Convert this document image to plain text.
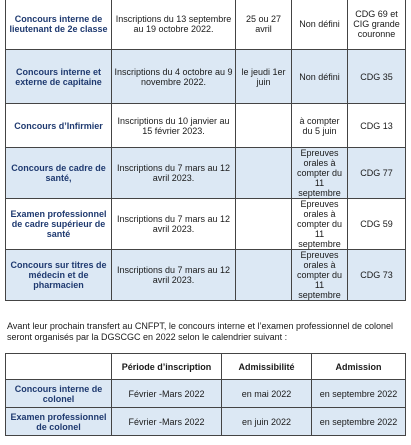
Concours interne de lieutenant de 2e classe	Inscriptions du 13 septembre au 19 octobre 2022.	25 ou 27 avril	Non défini	CDG 69 et CIG grande couronne
Concours interne et externe de capitaine	Inscriptions du 4 octobre au 9 novembre 2022.	le jeudi 1er juin	Non défini	CDG 35
Concours d’Infirmier	Inscriptions du 10 janvier au 15 février 2023.		à compter du 5 juin	CDG 13
Concours de cadre de santé,	Inscriptions du 7 mars au 12 avril 2023.		Epreuves orales à compter du 11 septembre	CDG 77
Examen professionnel de cadre supérieur de santé	Inscriptions du 7 mars au 12 avril 2023.		Epreuves orales à compter du 11 septembre	CDG 59
Concours sur titres de médecin et de pharmacien	Inscriptions du 7 mars au 12 avril 2023.		Epreuves orales à compter du 11 septembre	CDG 73
Avant leur prochain transfert au CNFPT, le concours interne et l’examen professionnel de colonel seront organisés par la DGSCGC en 2022 selon le calendrier suivant :
	Période d’inscription	Admissibilité	Admission
Concours interne de colonel	Février -Mars 2022	en mai 2022	en septembre 2022
Examen professionnel de colonel	Février -Mars 2022	en juin 2022	en septembre 2022
